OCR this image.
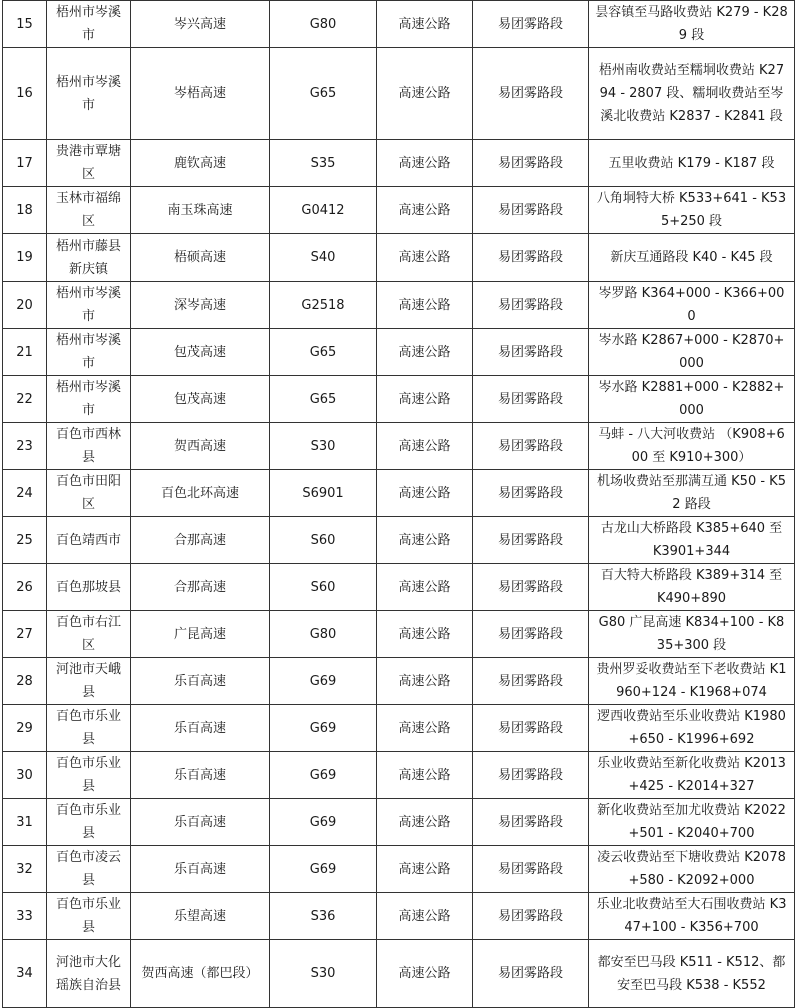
15	梧州市岑溪市	岑兴高速	G80	高速公路	易团雾路段	昙容镇至马路收费站 K279 - K289 段
16	梧州市岑溪市	岑梧高速	G65	高速公路	易团雾路段	梧州南收费站至糯垌收费站 K2794 - 2807 段、糯垌收费站至岑溪北收费站 K2837 - K2841 段
17	贵港市覃塘区	鹿钦高速	S35	高速公路	易团雾路段	五里收费站 K179 - K187 段
18	玉林市福绵区	南玉珠高速	G0412	高速公路	易团雾路段	八角垌特大桥 K533+641 - K535+250 段
19	梧州市藤县新庆镇	梧硕高速	S40	高速公路	易团雾路段	新庆互通路段 K40 - K45 段
20	梧州市岑溪市	深岑高速	G2518	高速公路	易团雾路段	岑罗路 K364+000 - K366+000
21	梧州市岑溪市	包茂高速	G65	高速公路	易团雾路段	岑水路 K2867+000 - K2870+000
22	梧州市岑溪市	包茂高速	G65	高速公路	易团雾路段	岑水路 K2881+000 - K2882+000
23	百色市西林县	贺西高速	S30	高速公路	易团雾路段	马蚌 - 八大河收费站 （K908+600 至 K910+300）
24	百色市田阳区	百色北环高速	S6901	高速公路	易团雾路段	机场收费站至那满互通 K50 - K52 路段
25	百色靖西市	合那高速	S60	高速公路	易团雾路段	古龙山大桥路段 K385+640 至 K3901+344
26	百色那坡县	合那高速	S60	高速公路	易团雾路段	百大特大桥路段 K389+314 至 K490+890
27	百色市右江区	广昆高速	G80	高速公路	易团雾路段	G80 广昆高速 K834+100 - K835+300 段
28	河池市天峨县	乐百高速	G69	高速公路	易团雾路段	贵州罗妥收费站至下老收费站 K1960+124 - K1968+074
29	百色市乐业县	乐百高速	G69	高速公路	易团雾路段	逻西收费站至乐业收费站 K1980+650 - K1996+692
30	百色市乐业县	乐百高速	G69	高速公路	易团雾路段	乐业收费站至新化收费站 K2013+425 - K2014+327
31	百色市乐业县	乐百高速	G69	高速公路	易团雾路段	新化收费站至加尤收费站 K2022+501 - K2040+700
32	百色市凌云县	乐百高速	G69	高速公路	易团雾路段	凌云收费站至下塘收费站 K2078+580 - K2092+000
33	百色市乐业县	乐望高速	S36	高速公路	易团雾路段	乐业北收费站至大石围收费站 K347+100 - K356+700
34	河池市大化瑶族自治县	贺西高速（都巴段）	S30	高速公路	易团雾路段	都安至巴马段 K511 - K512、都安至巴马段 K538 - K552
